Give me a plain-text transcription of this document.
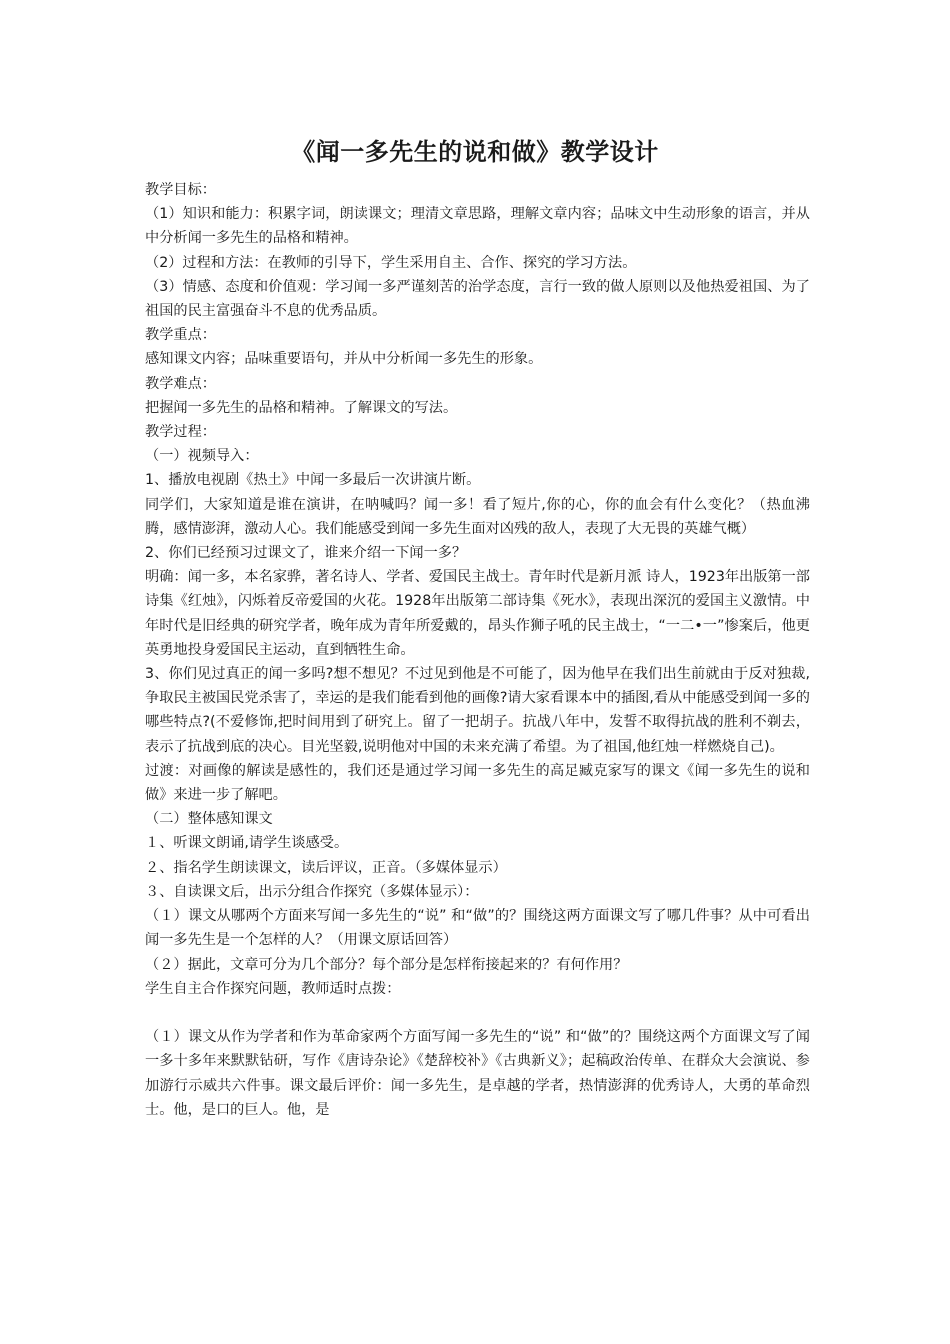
《闻一多先生的说和做》教学设计

教学目标：

（1）知识和能力：积累字词，朗读课文；理清文章思路，理解文章内容；品味文中生动形象的语言，并从中分析闻一多先生的品格和精神。

（2）过程和方法：在教师的引导下，学生采用自主、合作、探究的学习方法。

（3）情感、态度和价值观：学习闻一多严谨刻苦的治学态度，言行一致的做人原则以及他热爱祖国、为了祖国的民主富强奋斗不息的优秀品质。

教学重点：

感知课文内容；品味重要语句，并从中分析闻一多先生的形象。

教学难点：

把握闻一多先生的品格和精神。了解课文的写法。

教学过程：

（一）视频导入：

1、播放电视剧《热土》中闻一多最后一次讲演片断。

同学们，大家知道是谁在演讲，在呐喊吗？闻一多！看了短片,你的心，你的血会有什么变化？（热血沸腾，感情澎湃，激动人心。我们能感受到闻一多先生面对凶残的敌人，表现了大无畏的英雄气概）

2、你们已经预习过课文了，谁来介绍一下闻一多？

明确：闻一多，本名家骅，著名诗人、学者、爱国民主战士。青年时代是新月派 诗人，1923年出版第一部诗集《红烛》，闪烁着反帝爱国的火花。1928年出版第二部诗集《死水》，表现出深沉的爱国主义激情。中年时代是旧经典的研究学者，晚年成为青年所爱戴的，昂头作狮子吼的民主战士，“一二•一”惨案后，他更英勇地投身爱国民主运动，直到牺牲生命。

3、你们见过真正的闻一多吗?想不想见？不过见到他是不可能了，因为他早在我们出生前就由于反对独裁,争取民主被国民党杀害了，幸运的是我们能看到他的画像?请大家看课本中的插图,看从中能感受到闻一多的哪些特点?(不爱修饰,把时间用到了研究上。留了一把胡子。抗战八年中，发誓不取得抗战的胜利不剃去，表示了抗战到底的决心。目光坚毅,说明他对中国的未来充满了希望。为了祖国,他红烛一样燃烧自己)。

过渡：对画像的解读是感性的，我们还是通过学习闻一多先生的高足臧克家写的课文《闻一多先生的说和做》来进一步了解吧。

（二）整体感知课文

１、听课文朗诵,请学生谈感受。

２、指名学生朗读课文，读后评议，正音。（多媒体显示）

３、自读课文后，出示分组合作探究（多媒体显示）：

（１）课文从哪两个方面来写闻一多先生的“说” 和“做”的？围绕这两方面课文写了哪几件事？从中可看出闻一多先生是一个怎样的人？（用课文原话回答）

（２）据此，文章可分为几个部分？每个部分是怎样衔接起来的？有何作用？

学生自主合作探究问题，教师适时点拨：

（１）课文从作为学者和作为革命家两个方面写闻一多先生的“说” 和“做”的？围绕这两个方面课文写了闻一多十多年来默默钻研，写作《唐诗杂论》《楚辞校补》《古典新义》；起稿政治传单、在群众大会演说、参加游行示威共六件事。课文最后评价：闻一多先生，是卓越的学者，热情澎湃的优秀诗人，大勇的革命烈士。他，是口的巨人。他，是
